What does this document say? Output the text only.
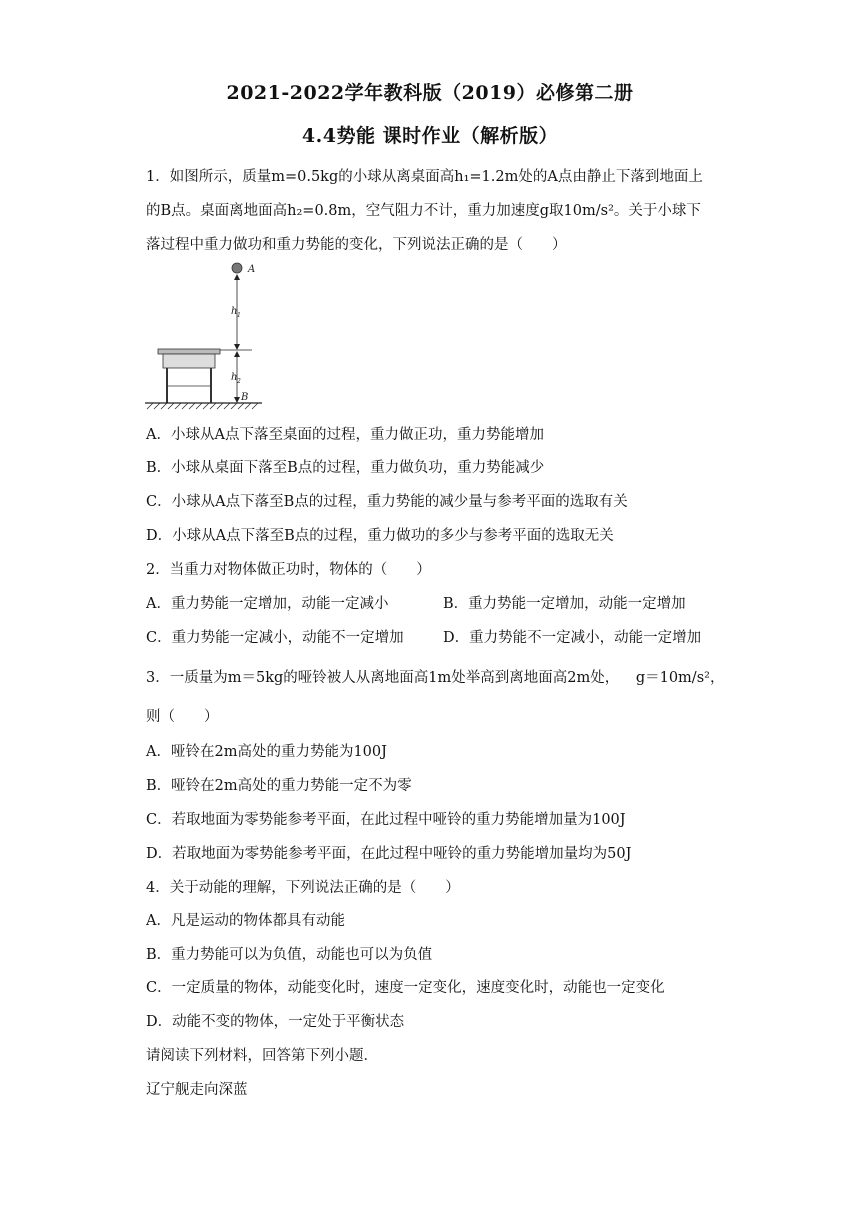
2021-2022学年教科版（2019）必修第二册
4.4势能 课时作业（解析版）
1．如图所示，质量m=0.5kg的小球从离桌面高h₁=1.2m处的A点由静止下落到地面上
的B点。桌面离地面高h₂=0.8m，空气阻力不计，重力加速度g取10m/s²。关于小球下
落过程中重力做功和重力势能的变化，下列说法正确的是（　　）
A
h 1
h 2
B
A．小球从A点下落至桌面的过程，重力做正功，重力势能增加
B．小球从桌面下落至B点的过程，重力做负功，重力势能减少
C．小球从A点下落至B点的过程，重力势能的减少量与参考平面的选取有关
D．小球从A点下落至B点的过程，重力做功的多少与参考平面的选取无关
2．当重力对物体做正功时，物体的（　　）
A．重力势能一定增加，动能一定减小	B．重力势能一定增加，动能一定增加
C．重力势能一定减小，动能不一定增加	D．重力势能不一定减小，动能一定增加
3．一质量为m＝5kg的哑铃被人从离地面高1m处举高到离地面高2m处， g＝10m/s²，
则（　　）
A．哑铃在2m高处的重力势能为100J
B．哑铃在2m高处的重力势能一定不为零
C．若取地面为零势能参考平面，在此过程中哑铃的重力势能增加量为100J
D．若取地面为零势能参考平面，在此过程中哑铃的重力势能增加量均为50J
4．关于动能的理解，下列说法正确的是（　　）
A．凡是运动的物体都具有动能
B．重力势能可以为负值，动能也可以为负值
C．一定质量的物体，动能变化时，速度一定变化，速度变化时，动能也一定变化
D．动能不变的物体，一定处于平衡状态
请阅读下列材料，回答第下列小题．
辽宁舰走向深蓝
